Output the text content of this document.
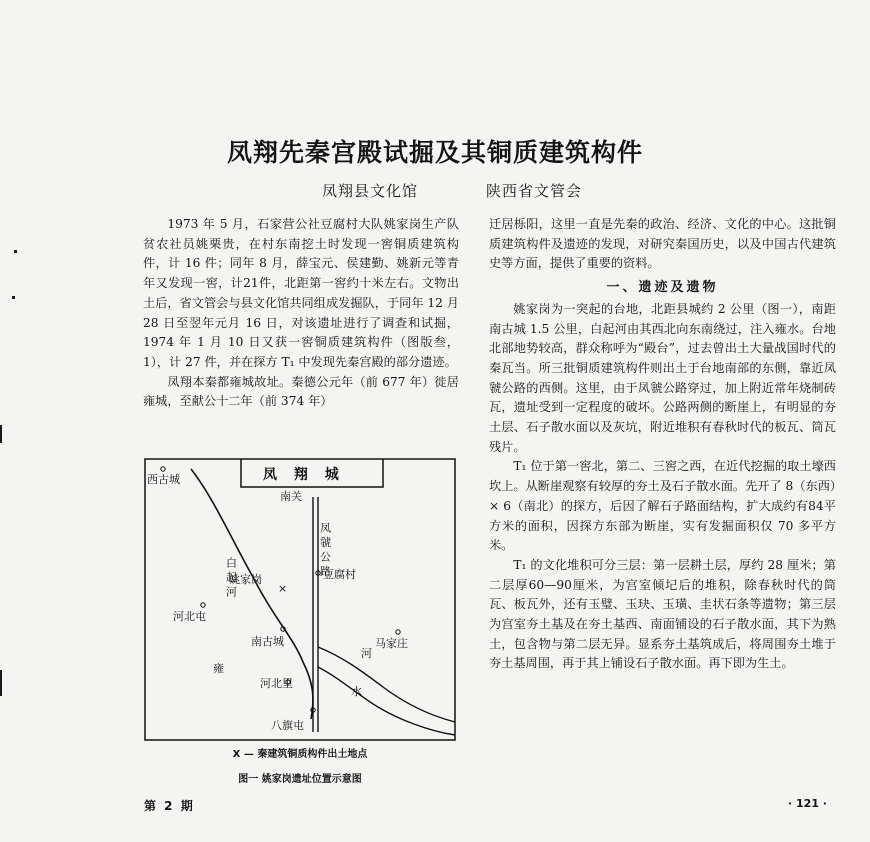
凤翔先秦宫殿试掘及其铜质建筑构件
凤翔县文化馆	陕西省文管会

1973 年 5 月，石家营公社豆腐村大队姚家岗生产队贫农社员姚栗贵，在村东南挖土时发现一窖铜质建筑构件，计 16 件；同年 8 月，薛宝元、侯建勤、姚新元等青年又发现一窖，计21件，北距第一窖约十米左右。文物出土后，省文管会与县文化馆共同组成发掘队，于同年 12 月 28 日至翌年元月 16 日，对该遗址进行了调查和试掘，1974 年 1 月 10 日又获一窖铜质建筑构件（图版叁，1），计 27 件，并在探方 T₁ 中发现先秦宫殿的部分遗迹。

凤翔本秦都雍城故址。秦德公元年（前 677 年）徙居雍城，至献公十二年（前 374 年）

迁居栎阳，这里一直是先秦的政治、经济、文化的中心。这批铜质建筑构件及遗迹的发现，对研究秦国历史，以及中国古代建筑史等方面，提供了重要的资料。

一、遗迹及遗物

姚家岗为一突起的台地，北距县城约 2 公里（图一），南距南古城 1.5 公里，白起河由其西北向东南绕过，注入雍水。台地北部地势较高，群众称呼为“殿台”，过去曾出土大量战国时代的秦瓦当。所三批铜质建筑构件则出土于台地南部的东侧，靠近凤虢公路的西侧。这里，由于凤虢公路穿过，加上附近常年烧制砖瓦，遗址受到一定程度的破坏。公路两侧的断崖上，有明显的夯土层、石子散水面以及灰坑，附近堆积有春秋时代的板瓦、筒瓦残片。

T₁ 位于第一窖北，第二、三窖之西，在近代挖掘的取土壕西坎上。从断崖观察有较厚的夯土及石子散水面。先开了 8（东西）× 6（南北）的探方，后因了解石子路面结构，扩大成约有84平方米的面积，因探方东部为断崖，实有发掘面积仅 70 多平方米。

T₁ 的文化堆积可分三层：第一层耕土层，厚约 28 厘米；第二层厚60—90厘米，为宫室倾圮后的堆积，除春秋时代的筒瓦、板瓦外，还有玉璧、玉玦、玉璜、圭状石条等遗物；第三层为宫室夯土基及在夯土基西、南面铺设的石子散水面，其下为熟土，包含物与第二层无异。显系夯土基筑成后，将周围夯土堆于夯土基周围，再于其上铺设石子散水面。再下即为生土。

凤 翔 城
×
西古城
南关
豆腐村
姚家岗
河北屯
南古城	马家庄
河北里
八旗屯
白 起 河
凤 虢 公 路
雍
水
河
X — 秦建筑铜质构件出土地点
图一 姚家岗遗址位置示意图
第 2 期	· 121 ·
